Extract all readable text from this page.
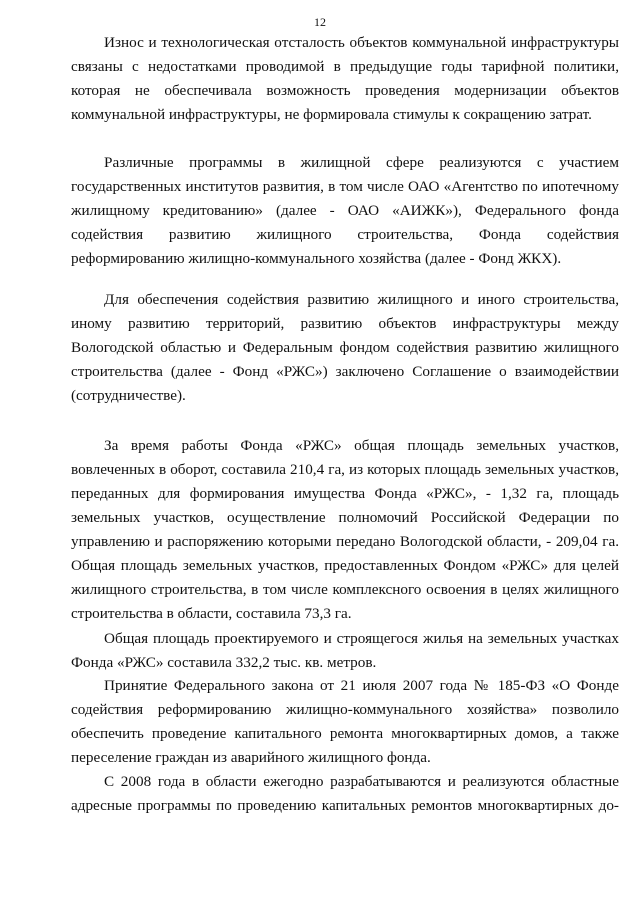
12

Износ и технологическая отсталость объектов коммунальной инфраструктуры связаны с недостатками проводимой в предыдущие годы тарифной политики, которая не обеспечивала возможность проведения модернизации объектов коммунальной инфраструктуры, не формировала стимулы к сокращению затрат.

Различные программы в жилищной сфере реализуются с участием государственных институтов развития, в том числе ОАО «Агентство по ипотечному жилищному кредитованию» (далее - ОАО «АИЖК»), Федерального фонда содействия развитию жилищного строительства, Фонда содействия реформированию жилищно-коммунального хозяйства (далее - Фонд ЖКХ).

Для обеспечения содействия развитию жилищного и иного строительства, иному развитию территорий, развитию объектов инфраструктуры между Вологодской областью и Федеральным фондом содействия развитию жилищного строительства (далее - Фонд «РЖС») заключено Соглашение о взаимодействии (сотрудничестве).

За время работы Фонда «РЖС» общая площадь земельных участков, вовлеченных в оборот, составила 210,4 га, из которых площадь земельных участков, переданных для формирования имущества Фонда «РЖС», - 1,32 га, площадь земельных участков, осуществление полномочий Российской Федерации по управлению и распоряжению которыми передано Вологодской области, - 209,04 га. Общая площадь земельных участков, предоставленных Фондом «РЖС» для целей жилищного строительства, в том числе комплексного освоения в целях жилищного строительства в области, составила 73,3 га.

Общая площадь проектируемого и строящегося жилья на земельных участках Фонда «РЖС» составила 332,2 тыс. кв. метров.

Принятие Федерального закона от 21 июля 2007 года № 185-ФЗ «О Фонде содействия реформированию жилищно-коммунального хозяйства» позволило обеспечить проведение капитального ремонта многоквартирных домов, а также переселение граждан из аварийного жилищного фонда.

С 2008 года в области ежегодно разрабатываются и реализуются областные адресные программы по проведению капитальных ремонтов многоквартирных до-
